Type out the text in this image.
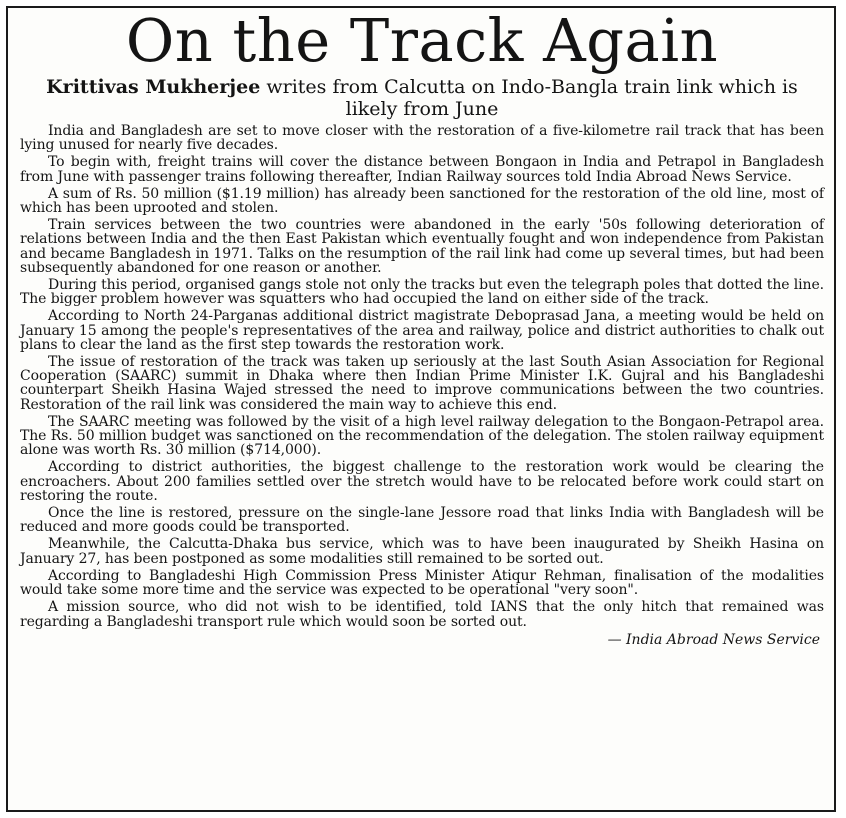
On the Track Again
Krittivas Mukherjee writes from Calcutta on Indo-Bangla train link which is likely from June

India and Bangladesh are set to move closer with the restoration of a five-kilometre rail track that has been lying unused for nearly five decades.

To begin with, freight trains will cover the distance between Bongaon in India and Petrapol in Bangladesh from June with passenger trains following thereafter, Indian Railway sources told India Abroad News Service.

A sum of Rs. 50 million ($1.19 million) has already been sanctioned for the restoration of the old line, most of which has been uprooted and stolen.

Train services between the two countries were abandoned in the early '50s following deterioration of relations between India and the then East Pakistan which eventually fought and won independence from Pakistan and became Bangladesh in 1971. Talks on the resumption of the rail link had come up several times, but had been subsequently abandoned for one reason or another.

During this period, organised gangs stole not only the tracks but even the telegraph poles that dotted the line. The bigger problem however was squatters who had occupied the land on either side of the track.

According to North 24-Parganas additional district magistrate Deboprasad Jana, a meeting would be held on January 15 among the people's representatives of the area and railway, police and district authorities to chalk out plans to clear the land as the first step towards the restoration work.

The issue of restoration of the track was taken up seriously at the last South Asian Association for Regional Cooperation (SAARC) summit in Dhaka where then Indian Prime Minister I.K. Gujral and his Bangladeshi counterpart Sheikh Hasina Wajed stressed the need to improve communications between the two countries. Restoration of the rail link was considered the main way to achieve this end.

The SAARC meeting was followed by the visit of a high level railway delegation to the Bongaon-Petrapol area. The Rs. 50 million budget was sanctioned on the recommendation of the delegation. The stolen railway equipment alone was worth Rs. 30 million ($714,000).

According to district authorities, the biggest challenge to the restoration work would be clearing the encroachers. About 200 families settled over the stretch would have to be relocated before work could start on restoring the route.

Once the line is restored, pressure on the single-lane Jessore road that links India with Bangladesh will be reduced and more goods could be transported.

Meanwhile, the Calcutta-Dhaka bus service, which was to have been inaugurated by Sheikh Hasina on January 27, has been postponed as some modalities still remained to be sorted out.

According to Bangladeshi High Commission Press Minister Atiqur Rehman, finalisation of the modalities would take some more time and the service was expected to be operational "very soon".

A mission source, who did not wish to be identified, told IANS that the only hitch that remained was regarding a Bangladeshi transport rule which would soon be sorted out.

— India Abroad News Service
